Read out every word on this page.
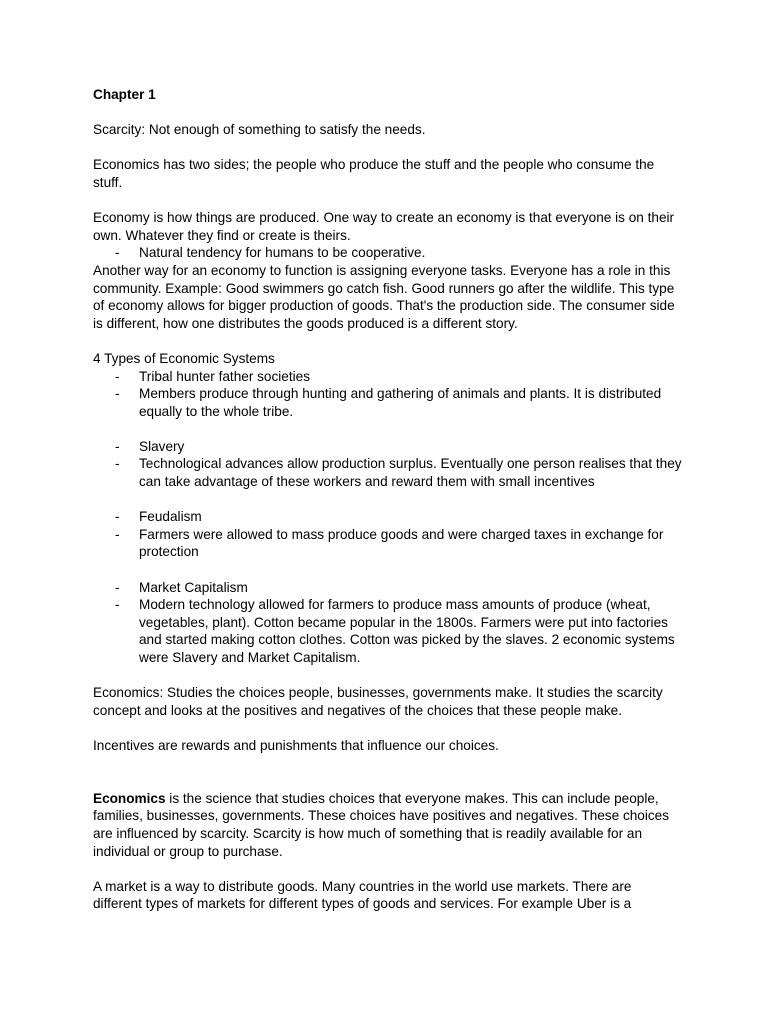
Chapter 1

Scarcity: Not enough of something to satisfy the needs.

Economics has two sides; the people who produce the stuff and the people who consume the stuff.

Economy is how things are produced. One way to create an economy is that everyone is on their own. Whatever they find or create is theirs.

- Natural tendency for humans to be cooperative.

Another way for an economy to function is assigning everyone tasks. Everyone has a role in this community. Example: Good swimmers go catch fish. Good runners go after the wildlife. This type of economy allows for bigger production of goods. That's the production side. The consumer side is different, how one distributes the goods produced is a different story.

4 Types of Economic Systems

- Tribal hunter father societies

- Members produce through hunting and gathering of animals and plants. It is distributed equally to the whole tribe.

- Slavery

- Technological advances allow production surplus. Eventually one person realises that they can take advantage of these workers and reward them with small incentives

- Feudalism

- Farmers were allowed to mass produce goods and were charged taxes in exchange for protection

- Market Capitalism

- Modern technology allowed for farmers to produce mass amounts of produce (wheat, vegetables, plant). Cotton became popular in the 1800s. Farmers were put into factories and started making cotton clothes. Cotton was picked by the slaves. 2 economic systems were Slavery and Market Capitalism.

Economics: Studies the choices people, businesses, governments make. It studies the scarcity concept and looks at the positives and negatives of the choices that these people make.

Incentives are rewards and punishments that influence our choices.

Economics is the science that studies choices that everyone makes. This can include people, families, businesses, governments. These choices have positives and negatives. These choices are influenced by scarcity. Scarcity is how much of something that is readily available for an individual or group to purchase.

A market is a way to distribute goods. Many countries in the world use markets. There are different types of markets for different types of goods and services. For example Uber is a
